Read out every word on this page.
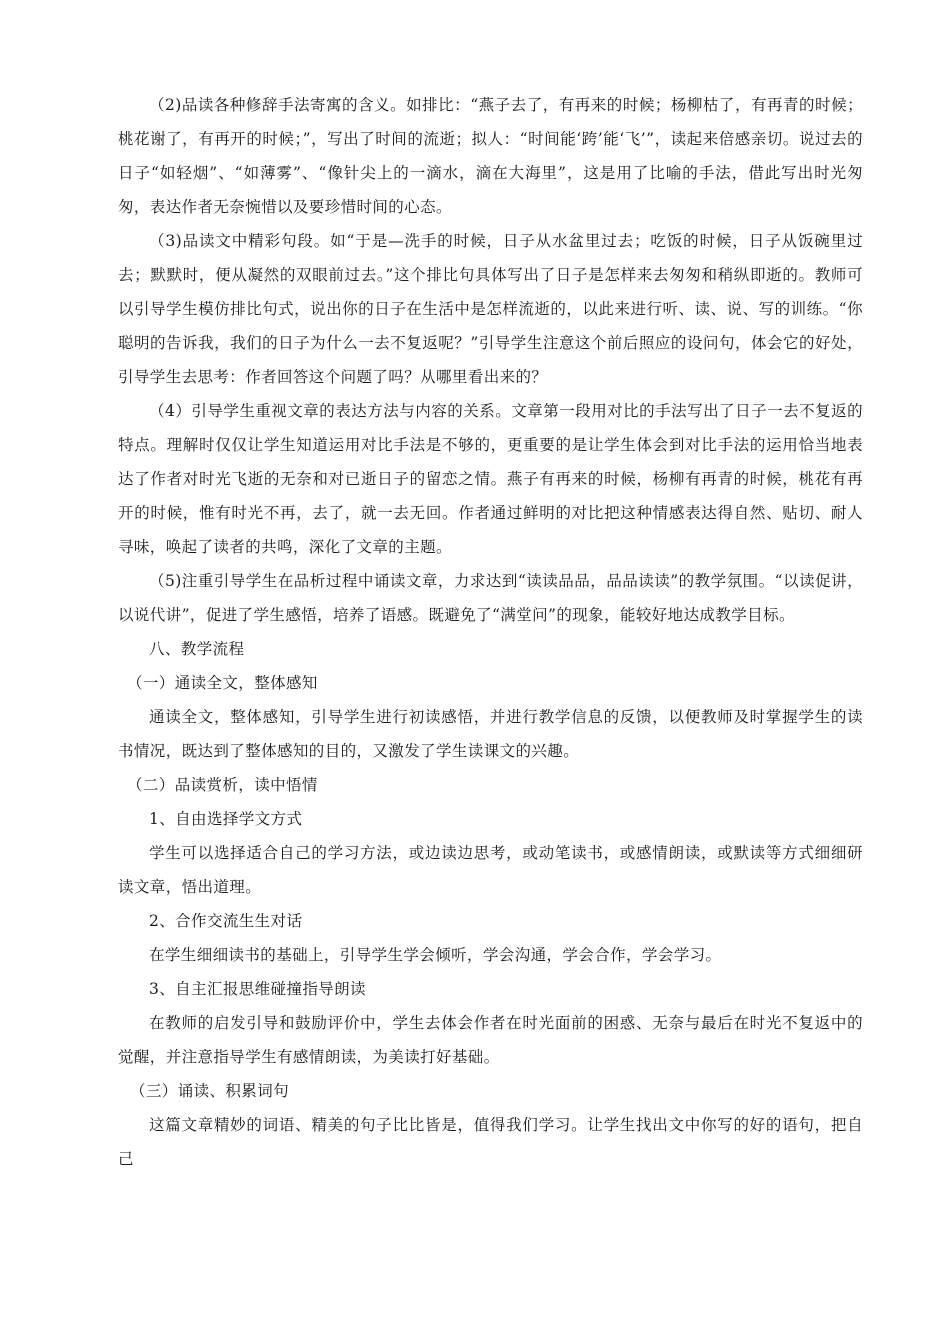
（2)品读各种修辞手法寄寓的含义。如排比：“燕子去了，有再来的时候；杨柳枯了，有再青的时候；桃花谢了，有再开的时候；”，写出了时间的流逝；拟人：“时间能‘跨’能‘飞’”，读起来倍感亲切。说过去的日子“如轻烟”、“如薄雾”、“像针尖上的一滴水，滴在大海里”，这是用了比喻的手法，借此写出时光匆匆，表达作者无奈惋惜以及要珍惜时间的心态。

（3)品读文中精彩句段。如“于是—洗手的时候，日子从水盆里过去；吃饭的时候，日子从饭碗里过去；默默时，便从凝然的双眼前过去。”这个排比句具体写出了日子是怎样来去匆匆和稍纵即逝的。教师可以引导学生模仿排比句式，说出你的日子在生活中是怎样流逝的，以此来进行听、读、说、写的训练。“你聪明的告诉我，我们的日子为什么一去不复返呢？”引导学生注意这个前后照应的设问句，体会它的好处，引导学生去思考：作者回答这个问题了吗？从哪里看出来的？

（4）引导学生重视文章的表达方法与内容的关系。文章第一段用对比的手法写出了日子一去不复返的特点。理解时仅仅让学生知道运用对比手法是不够的，更重要的是让学生体会到对比手法的运用恰当地表达了作者对时光飞逝的无奈和对已逝日子的留恋之情。燕子有再来的时候，杨柳有再青的时候，桃花有再开的时候，惟有时光不再，去了，就一去无回。作者通过鲜明的对比把这种情感表达得自然、贴切、耐人寻味，唤起了读者的共鸣，深化了文章的主题。

（5)注重引导学生在品析过程中诵读文章，力求达到“读读品品，品品读读”的教学氛围。“以读促讲，以说代讲”，促进了学生感悟，培养了语感。既避免了“满堂问”的现象，能较好地达成教学目标。

八、教学流程

（一）通读全文，整体感知

通读全文，整体感知，引导学生进行初读感悟，并进行教学信息的反馈，以便教师及时掌握学生的读书情况，既达到了整体感知的目的，又激发了学生读课文的兴趣。

（二）品读赏析，读中悟情

1、自由选择学文方式

学生可以选择适合自己的学习方法，或边读边思考，或动笔读书，或感情朗读，或默读等方式细细研读文章，悟出道理。

2、合作交流生生对话

在学生细细读书的基础上，引导学生学会倾听，学会沟通，学会合作，学会学习。

3、自主汇报思维碰撞指导朗读

在教师的启发引导和鼓励评价中，学生去体会作者在时光面前的困惑、无奈与最后在时光不复返中的觉醒，并注意指导学生有感情朗读，为美读打好基础。

（三）诵读、积累词句

这篇文章精妙的词语、精美的句子比比皆是，值得我们学习。让学生找出文中你写的好的语句，把自己
